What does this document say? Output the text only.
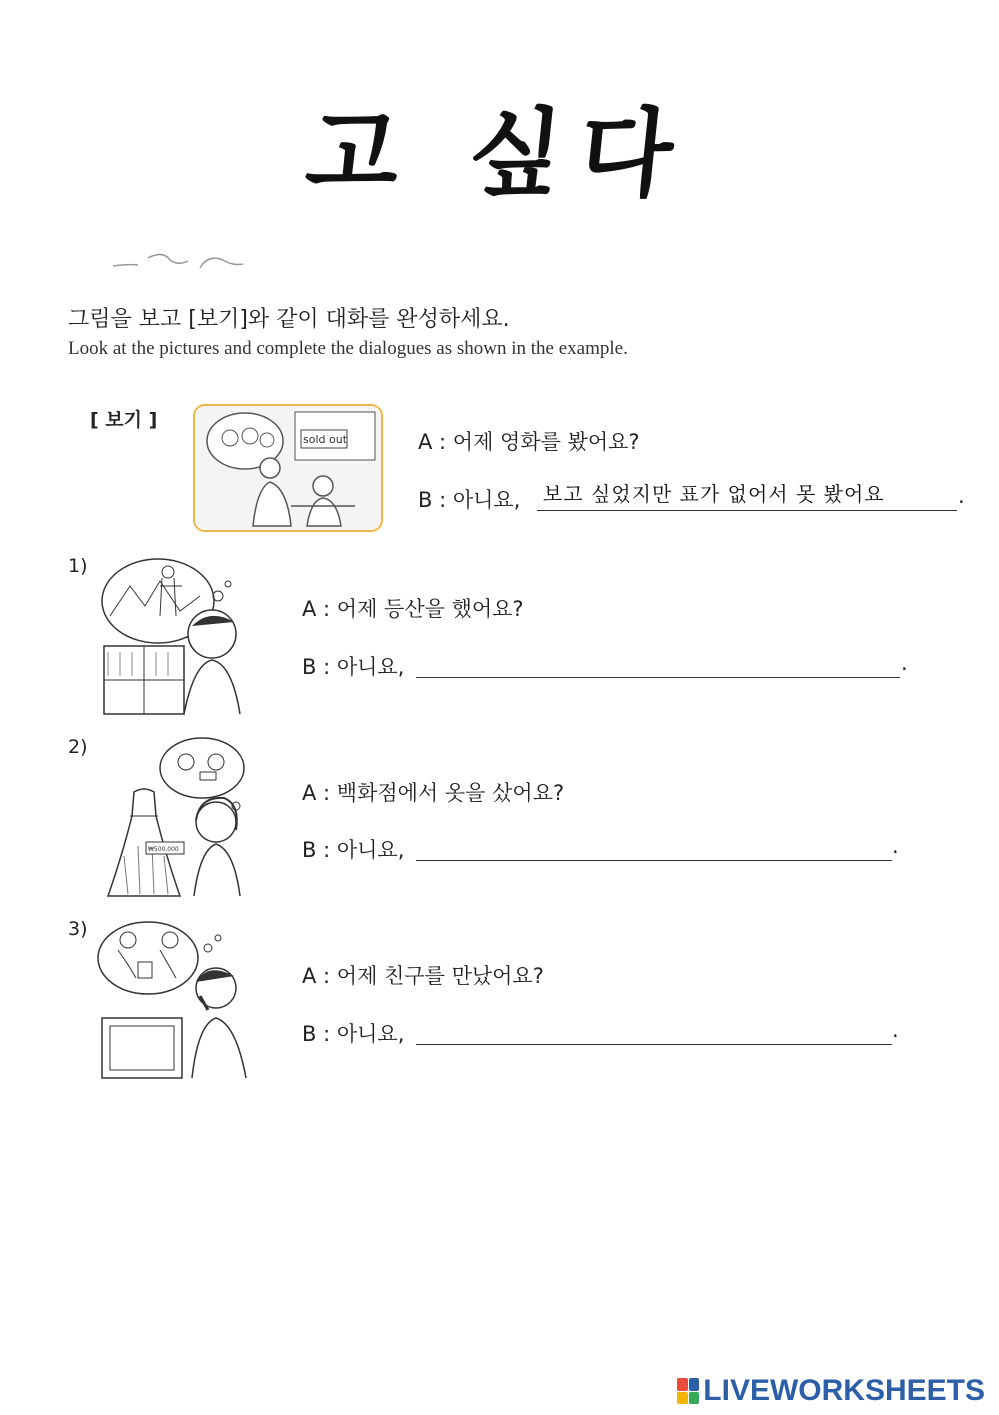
고 싶다
그림을 보고 [보기]와 같이 대화를 완성하세요.
Look at the pictures and complete the dialogues as shown in the example.
[ 보기 ]
sold out	A : 어제 영화를 봤어요?
B : 아니요, 보고 싶었지만 표가 없어서 못 봤어요	.
1)
A : 어제 등산을 했어요?
B : 아니요,	.
2)
₩500,000
A : 백화점에서 옷을 샀어요?
B : 아니요,	.
3)
A : 어제 친구를 만났어요?
B : 아니요,	.
LIVEWORKSHEETS
